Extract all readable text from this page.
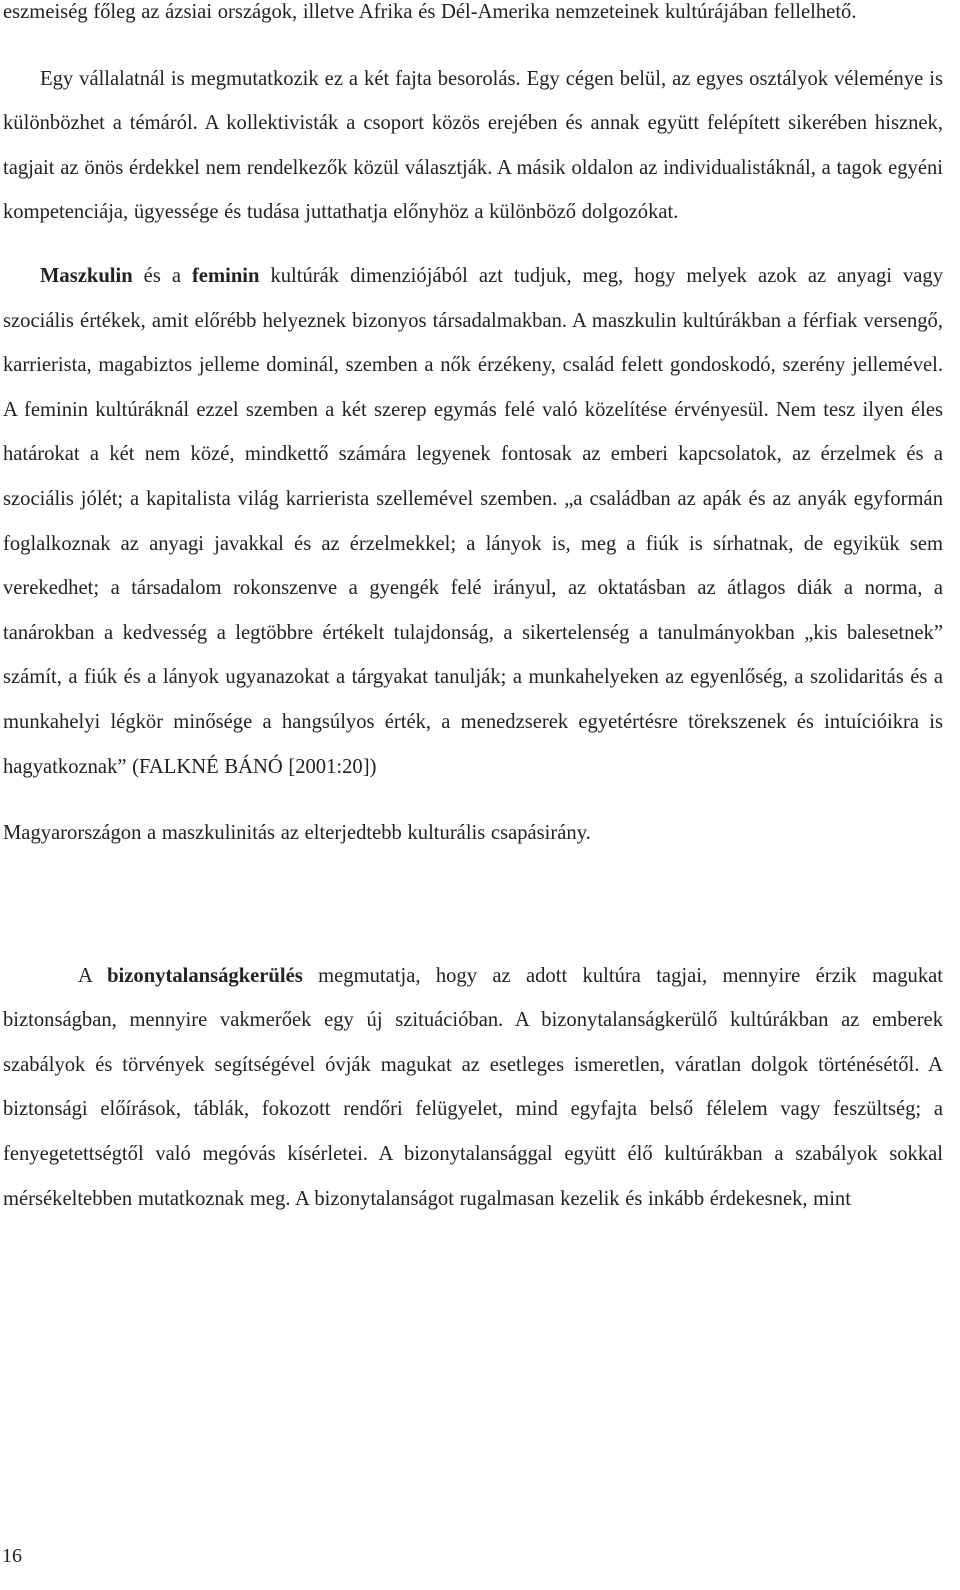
eszmeiség főleg az ázsiai országok, illetve Afrika és Dél-Amerika nemzeteinek kultúrájában fellelhető.

Egy vállalatnál is megmutatkozik ez a két fajta besorolás. Egy cégen belül, az egyes osztályok véleménye is különbözhet a témáról. A kollektivisták a csoport közös erejében és annak együtt felépített sikerében hisznek, tagjait az önös érdekkel nem rendelkezők közül választják. A másik oldalon az individualistáknál, a tagok egyéni kompetenciája, ügyessége és tudása juttathatja előnyhöz a különböző dolgozókat.

Maszkulin és a feminin kultúrák dimenziójából azt tudjuk, meg, hogy melyek azok az anyagi vagy szociális értékek, amit előrébb helyeznek bizonyos társadalmakban. A maszkulin kultúrákban a férfiak versengő, karrierista, magabiztos jelleme dominál, szemben a nők érzékeny, család felett gondoskodó, szerény jellemével. A feminin kultúráknál ezzel szemben a két szerep egymás felé való közelítése érvényesül. Nem tesz ilyen éles határokat a két nem közé, mindkettő számára legyenek fontosak az emberi kapcsolatok, az érzelmek és a szociális jólét; a kapitalista világ karrierista szellemével szemben. „a családban az apák és az anyák egyformán foglalkoznak az anyagi javakkal és az érzelmekkel; a lányok is, meg a fiúk is sírhatnak, de egyikük sem verekedhet; a társadalom rokonszenve a gyengék felé irányul, az oktatásban az átlagos diák a norma, a tanárokban a kedvesség a legtöbbre értékelt tulajdonság, a sikertelenség a tanulmányokban „kis balesetnek” számít, a fiúk és a lányok ugyanazokat a tárgyakat tanulják; a munkahelyeken az egyenlőség, a szolidaritás és a munkahelyi légkör minősége a hangsúlyos érték, a menedzserek egyetértésre törekszenek és intuícióikra is hagyatkoznak” (FALKNÉ BÁNÓ [2001:20])

Magyarországon a maszkulinitás az elterjedtebb kulturális csapásirány.

A bizonytalanságkerülés megmutatja, hogy az adott kultúra tagjai, mennyire érzik magukat biztonságban, mennyire vakmerőek egy új szituációban. A bizonytalanságkerülő kultúrákban az emberek szabályok és törvények segítségével óvják magukat az esetleges ismeretlen, váratlan dolgok történésétől. A biztonsági előírások, táblák, fokozott rendőri felügyelet, mind egyfajta belső félelem vagy feszültség; a fenyegetettségtől való megóvás kísérletei. A bizonytalansággal együtt élő kultúrákban a szabályok sokkal mérsékeltebben mutatkoznak meg. A bizonytalanságot rugalmasan kezelik és inkább érdekesnek, mint

16
